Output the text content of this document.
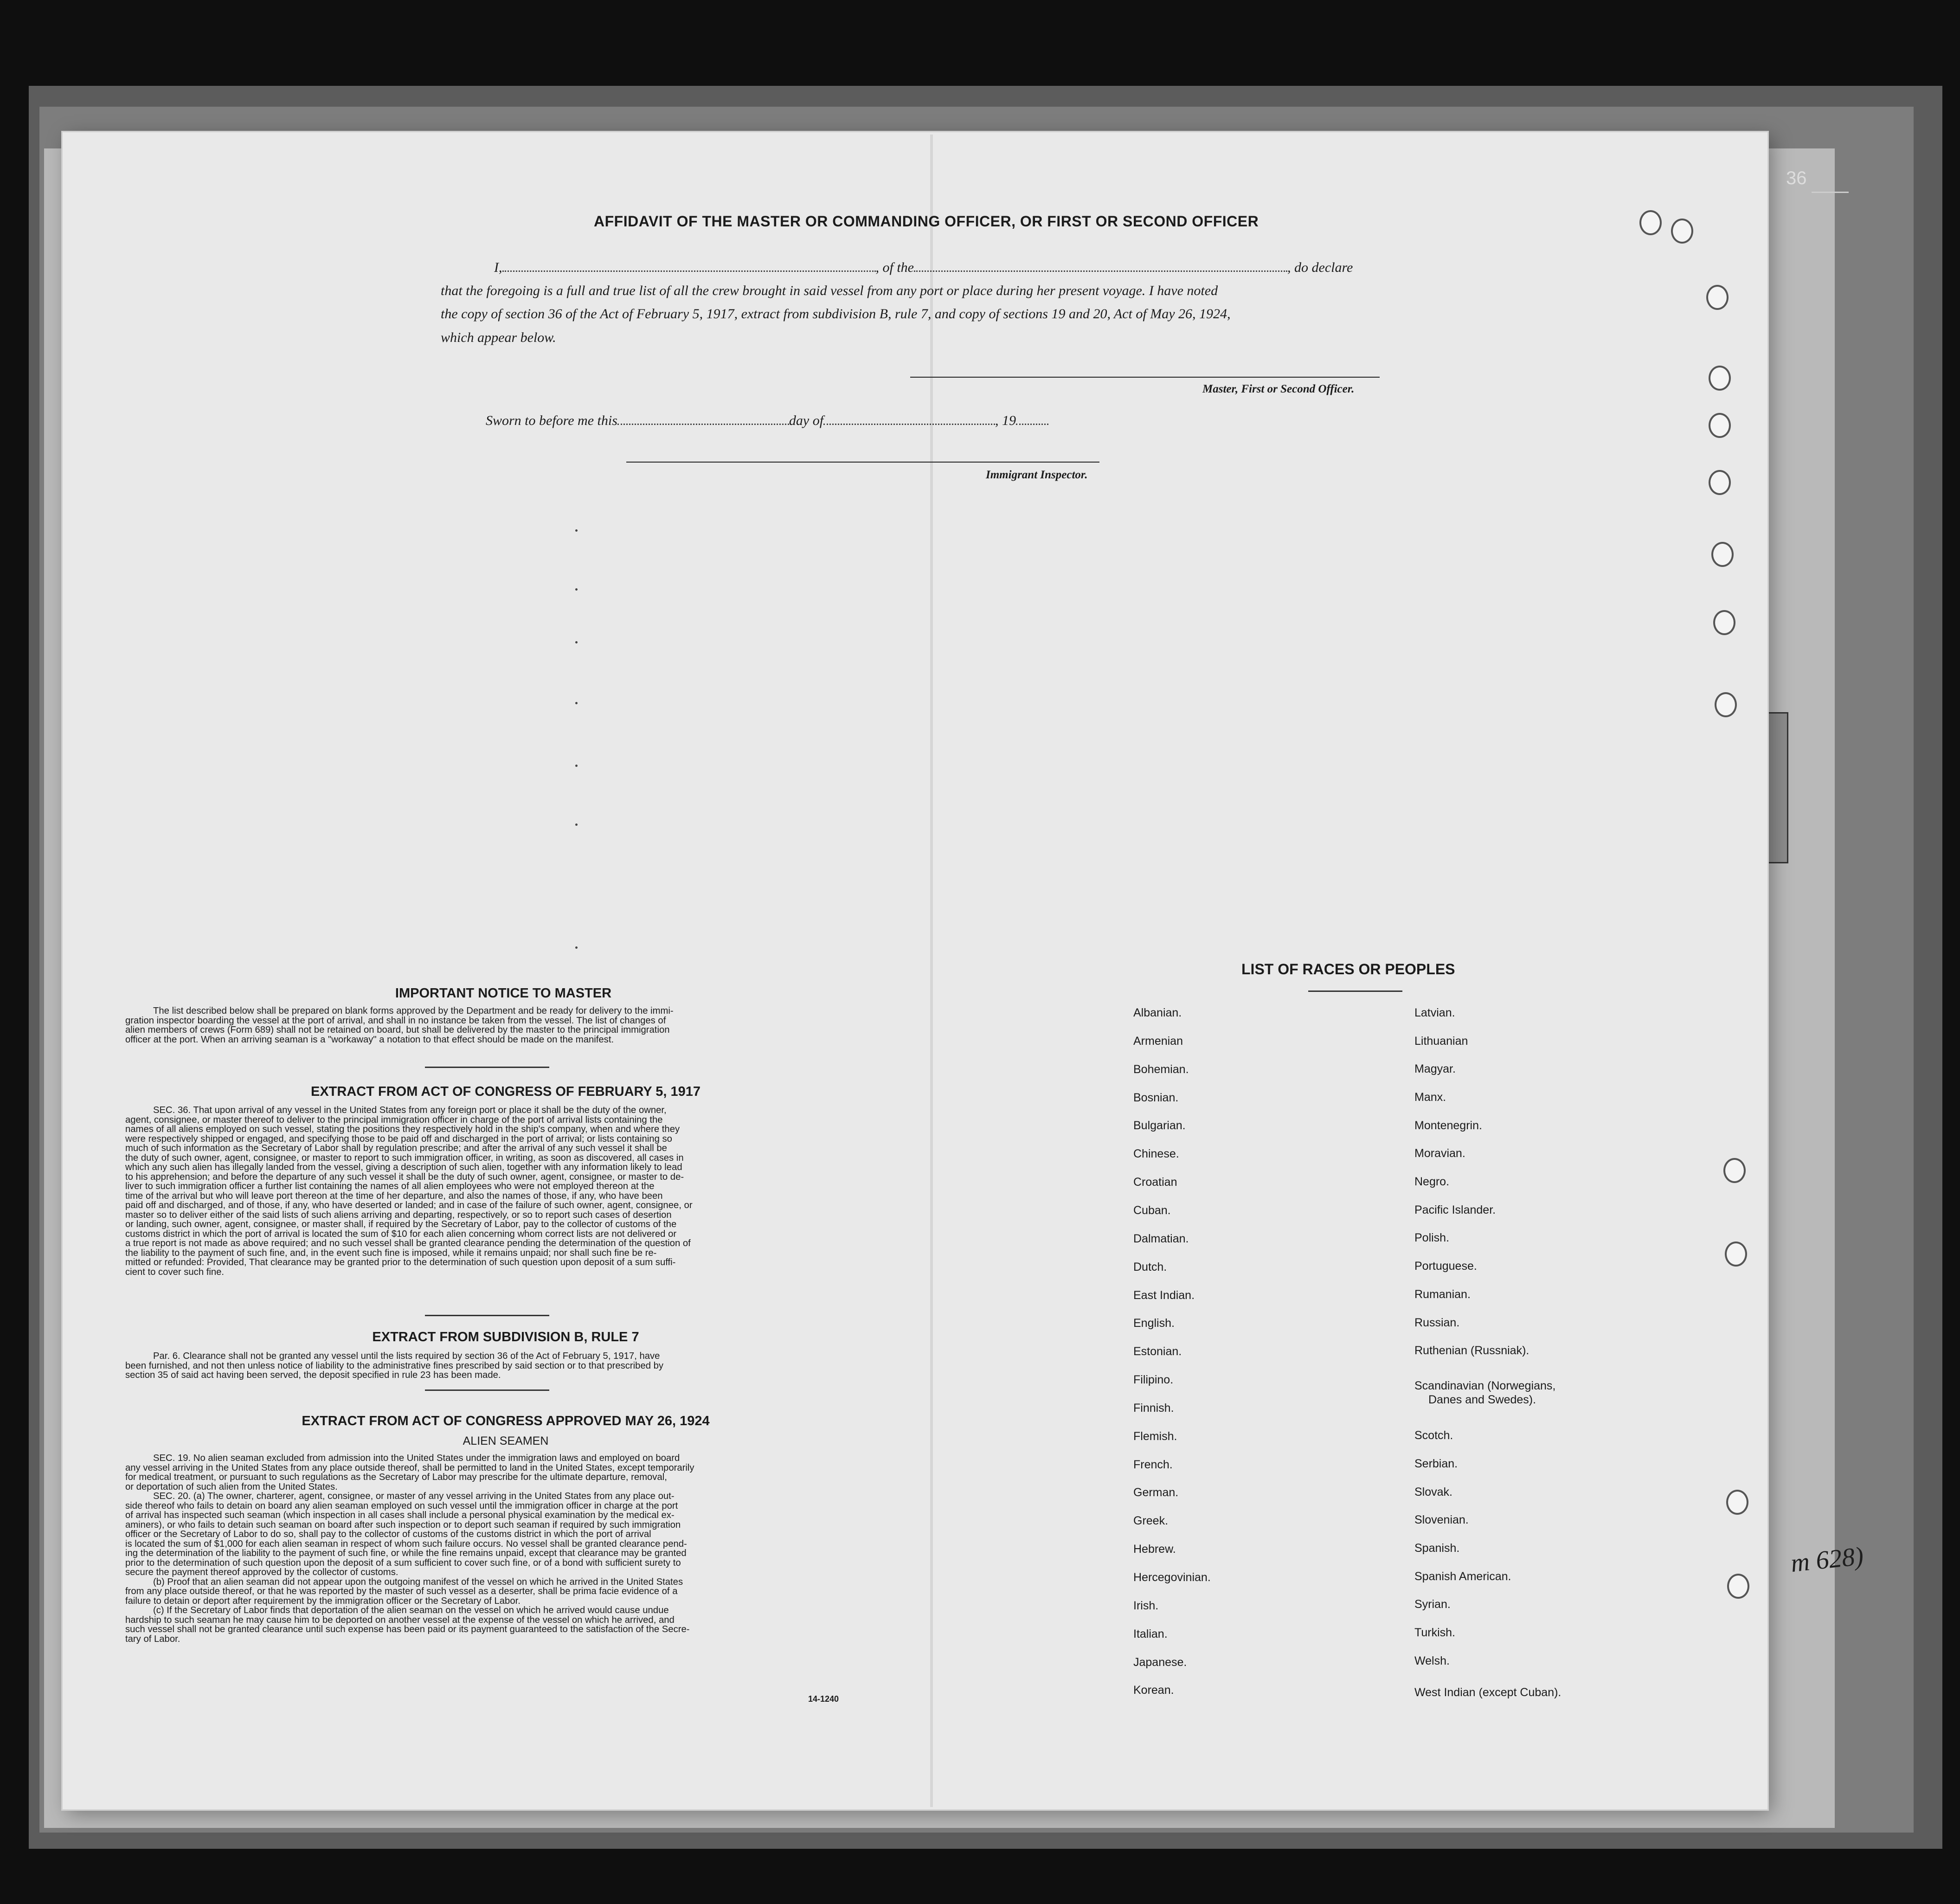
36
AFFIDAVIT OF THE MASTER OR COMMANDING OFFICER, OR FIRST OR SECOND OFFICER
I,	, of the	, do declare
that the foregoing is a full and true list of all the crew brought in said vessel from any port or place during her present voyage. I have noted
the copy of section 36 of the Act of February 5, 1917, extract from subdivision B, rule 7, and copy of sections 19 and 20, Act of May 26, 1924,
which appear below.
Master, First or Second Officer.
Sworn to before me this	day of	, 19
Immigrant Inspector.
IMPORTANT NOTICE TO MASTER
The list described below shall be prepared on blank forms approved by the Department and be ready for delivery to the immi-
gration inspector boarding the vessel at the port of arrival, and shall in no instance be taken from the vessel. The list of changes of
alien members of crews (Form 689) shall not be retained on board, but shall be delivered by the master to the principal immigration
officer at the port. When an arriving seaman is a "workaway" a notation to that effect should be made on the manifest.
EXTRACT FROM ACT OF CONGRESS OF FEBRUARY 5, 1917
SEC. 36. That upon arrival of any vessel in the United States from any foreign port or place it shall be the duty of the owner,
agent, consignee, or master thereof to deliver to the principal immigration officer in charge of the port of arrival lists containing the
names of all aliens employed on such vessel, stating the positions they respectively hold in the ship's company, when and where they
were respectively shipped or engaged, and specifying those to be paid off and discharged in the port of arrival; or lists containing so
much of such information as the Secretary of Labor shall by regulation prescribe; and after the arrival of any such vessel it shall be
the duty of such owner, agent, consignee, or master to report to such immigration officer, in writing, as soon as discovered, all cases in
which any such alien has illegally landed from the vessel, giving a description of such alien, together with any information likely to lead
to his apprehension; and before the departure of any such vessel it shall be the duty of such owner, agent, consignee, or master to de-
liver to such immigration officer a further list containing the names of all alien employees who were not employed thereon at the
time of the arrival but who will leave port thereon at the time of her departure, and also the names of those, if any, who have been
paid off and discharged, and of those, if any, who have deserted or landed; and in case of the failure of such owner, agent, consignee, or
master so to deliver either of the said lists of such aliens arriving and departing, respectively, or so to report such cases of desertion
or landing, such owner, agent, consignee, or master shall, if required by the Secretary of Labor, pay to the collector of customs of the
customs district in which the port of arrival is located the sum of $10 for each alien concerning whom correct lists are not delivered or
a true report is not made as above required; and no such vessel shall be granted clearance pending the determination of the question of
the liability to the payment of such fine, and, in the event such fine is imposed, while it remains unpaid; nor shall such fine be re-
mitted or refunded: Provided, That clearance may be granted prior to the determination of such question upon deposit of a sum suffi-
cient to cover such fine.
EXTRACT FROM SUBDIVISION B, RULE 7
Par. 6. Clearance shall not be granted any vessel until the lists required by section 36 of the Act of February 5, 1917, have
been furnished, and not then unless notice of liability to the administrative fines prescribed by said section or to that prescribed by
section 35 of said act having been served, the deposit specified in rule 23 has been made.
EXTRACT FROM ACT OF CONGRESS APPROVED MAY 26, 1924
ALIEN SEAMEN
SEC. 19. No alien seaman excluded from admission into the United States under the immigration laws and employed on board
any vessel arriving in the United States from any place outside thereof, shall be permitted to land in the United States, except temporarily
for medical treatment, or pursuant to such regulations as the Secretary of Labor may prescribe for the ultimate departure, removal,
or deportation of such alien from the United States.
SEC. 20. (a) The owner, charterer, agent, consignee, or master of any vessel arriving in the United States from any place out-
side thereof who fails to detain on board any alien seaman employed on such vessel until the immigration officer in charge at the port
of arrival has inspected such seaman (which inspection in all cases shall include a personal physical examination by the medical ex-
aminers), or who fails to detain such seaman on board after such inspection or to deport such seaman if required by such immigration
officer or the Secretary of Labor to do so, shall pay to the collector of customs of the customs district in which the port of arrival
is located the sum of $1,000 for each alien seaman in respect of whom such failure occurs. No vessel shall be granted clearance pend-
ing the determination of the liability to the payment of such fine, or while the fine remains unpaid, except that clearance may be granted
prior to the determination of such question upon the deposit of a sum sufficient to cover such fine, or of a bond with sufficient surety to
secure the payment thereof approved by the collector of customs.
(b) Proof that an alien seaman did not appear upon the outgoing manifest of the vessel on which he arrived in the United States
from any place outside thereof, or that he was reported by the master of such vessel as a deserter, shall be prima facie evidence of a
failure to detain or deport after requirement by the immigration officer or the Secretary of Labor.
(c) If the Secretary of Labor finds that deportation of the alien seaman on the vessel on which he arrived would cause undue
hardship to such seaman he may cause him to be deported on another vessel at the expense of the vessel on which he arrived, and
such vessel shall not be granted clearance until such expense has been paid or its payment guaranteed to the satisfaction of the Secre-
tary of Labor.
14-1240
LIST OF RACES OR PEOPLES
Albanian.
Armenian
Bohemian.
Bosnian.
Bulgarian.
Chinese.
Croatian
Cuban.
Dalmatian.
Dutch.
East Indian.
English.
Estonian.
Filipino.
Finnish.
Flemish.
French.
German.
Greek.
Hebrew.
Hercegovinian.
Irish.
Italian.
Japanese.
Korean.
Latvian.
Lithuanian
Magyar.
Manx.
Montenegrin.
Moravian.
Negro.
Pacific Islander.
Polish.
Portuguese.
Rumanian.
Russian.
Ruthenian (Russniak).
Scandinavian (Norwegians,
Danes and Swedes).
Scotch.
Serbian.
Slovak.
Slovenian.
Spanish.
Spanish American.
Syrian.
Turkish.
Welsh.
West Indian (except Cuban).
m 628)
